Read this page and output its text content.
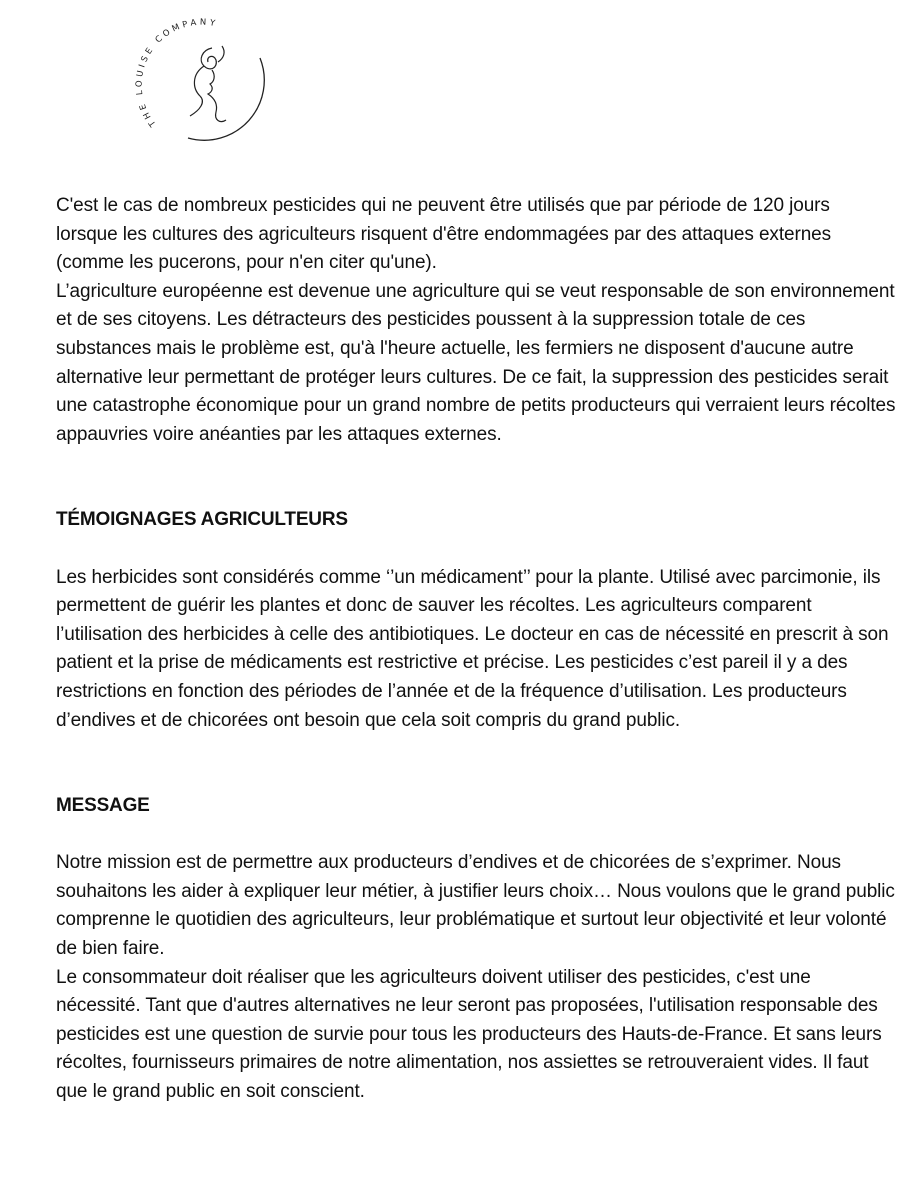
THE LOUISE COMPANY

C'est le cas de nombreux pesticides qui ne peuvent être utilisés que par période de 120 jours lorsque les cultures des agriculteurs risquent d'être endommagées par des attaques externes (comme les pucerons, pour n'en citer qu'une).

L’agriculture européenne est devenue une agriculture qui se veut responsable de son environnement et de ses citoyens. Les détracteurs des pesticides poussent à la suppression totale de ces substances mais le problème est, qu'à l'heure actuelle, les fermiers ne disposent d'aucune autre alternative leur permettant de protéger leurs cultures. De ce fait, la suppression des pesticides serait une catastrophe économique pour un grand nombre de petits producteurs qui verraient leurs récoltes appauvries voire anéanties par les attaques externes.

TÉMOIGNAGES AGRICULTEURS

Les herbicides sont considérés comme ‘’un médicament’’ pour la plante. Utilisé avec parcimonie, ils permettent de guérir les plantes et donc de sauver les récoltes. Les agriculteurs comparent l’utilisation des herbicides à celle des antibiotiques. Le docteur en cas de nécessité en prescrit à son patient et la prise de médicaments est restrictive et précise. Les pesticides c’est pareil il y a des restrictions en fonction des périodes de l’année et de la fréquence d’utilisation. Les producteurs d’endives et de chicorées ont besoin que cela soit compris du grand public.

MESSAGE

Notre mission est de permettre aux producteurs d’endives et de chicorées de s’exprimer. Nous souhaitons les aider à expliquer leur métier, à justifier leurs choix… Nous voulons que le grand public comprenne le quotidien des agriculteurs, leur problématique et surtout leur objectivité et leur volonté de bien faire.

Le consommateur doit réaliser que les agriculteurs doivent utiliser des pesticides, c'est une nécessité. Tant que d'autres alternatives ne leur seront pas proposées, l'utilisation responsable des pesticides est une question de survie pour tous les producteurs des Hauts-de-France. Et sans leurs récoltes, fournisseurs primaires de notre alimentation, nos assiettes se retrouveraient vides. Il faut que le grand public en soit conscient.
